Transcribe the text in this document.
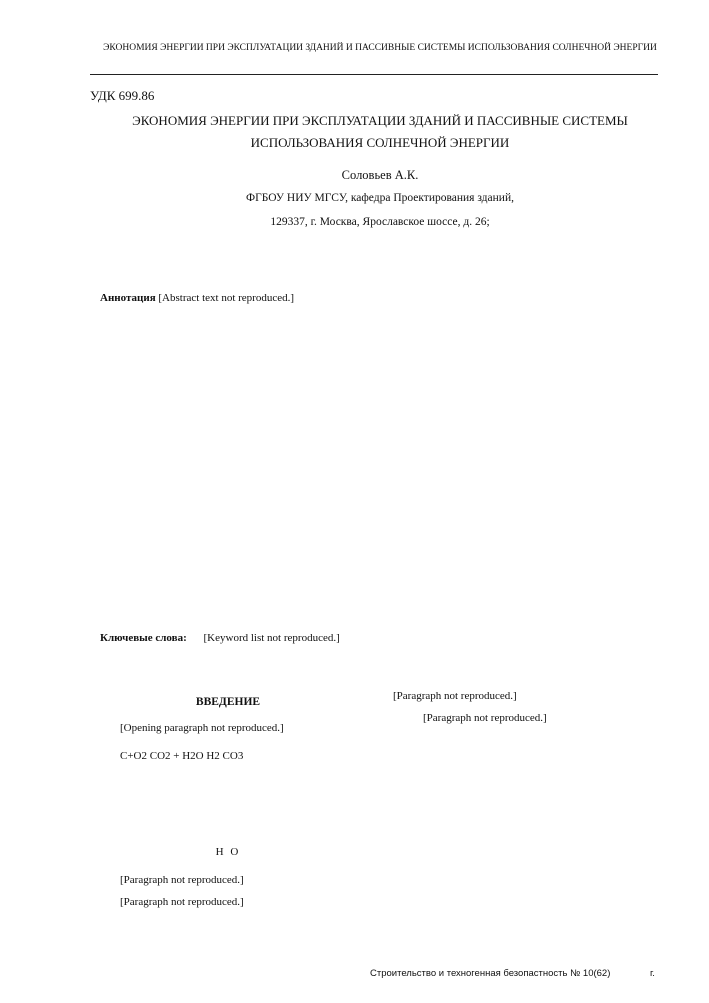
ЭКОНОМИЯ ЭНЕРГИИ ПРИ ЭКСПЛУАТАЦИИ ЗДАНИЙ И ПАССИВНЫЕ СИСТЕМЫ ИСПОЛЬЗОВАНИЯ СОЛНЕЧНОЙ ЭНЕРГИИ
УДК 699.86
ЭКОНОМИЯ ЭНЕРГИИ ПРИ ЭКСПЛУАТАЦИИ ЗДАНИЙ И ПАССИВНЫЕ СИСТЕМЫ ИСПОЛЬЗОВАНИЯ СОЛНЕЧНОЙ ЭНЕРГИИ
Соловьев А.К.
ФГБОУ НИУ МГСУ, кафедра Проектирования зданий,
129337, г. Москва, Ярославское шоссе, д. 26;
Аннотация [Abstract text not reproduced.]
Ключевые слова: [Keyword list not reproduced.]
ВВЕДЕНИЕ

[Opening paragraph not reproduced.]

С+О2 СО2 + Н2О Н2 СО3
Н О

[Paragraph not reproduced.]

[Paragraph not reproduced.]

[Paragraph not reproduced.]

[Paragraph not reproduced.]

Строительство и техногенная безопастность № 10(62)	г.
